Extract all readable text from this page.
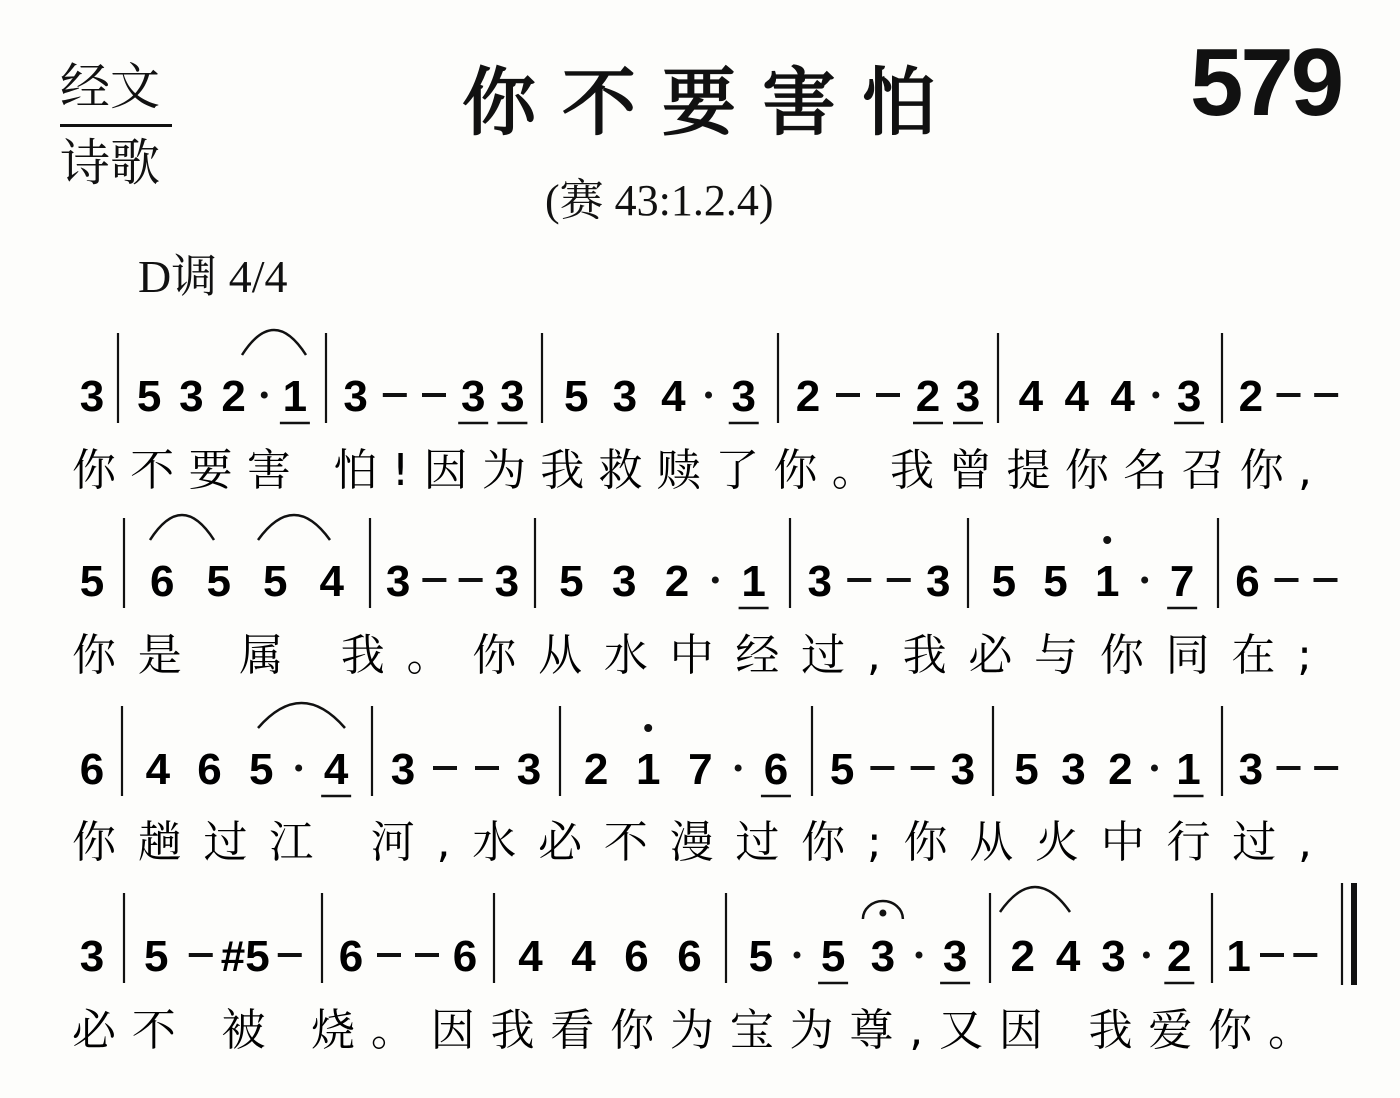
经文
诗歌
你不要害怕 579
(赛 43:1.2.4)
D调 4/4
3 5 3 2 1 3 3 3 5 3 4 3 2 2 3 4 4 4 3 2
你不要害 怕!因为我救赎了你。我曾提你名召你,
5 6 5 5 4 3 3 5 3 2 1 3 3 5 5 1 7 6
你是 属 我。你从水中经过,我必与你同在;
6 4 6 5 4 3 3 2 1 7 6 5 3 5 3 2 1 3
你趟过江 河,水必不漫过你;你从火中行过,
3 5 #5 6 6 4 4 6 6 5 5 3 3 2 4 3 2 1
必不 被 烧。因我看你为宝为尊,又因 我爱你。
